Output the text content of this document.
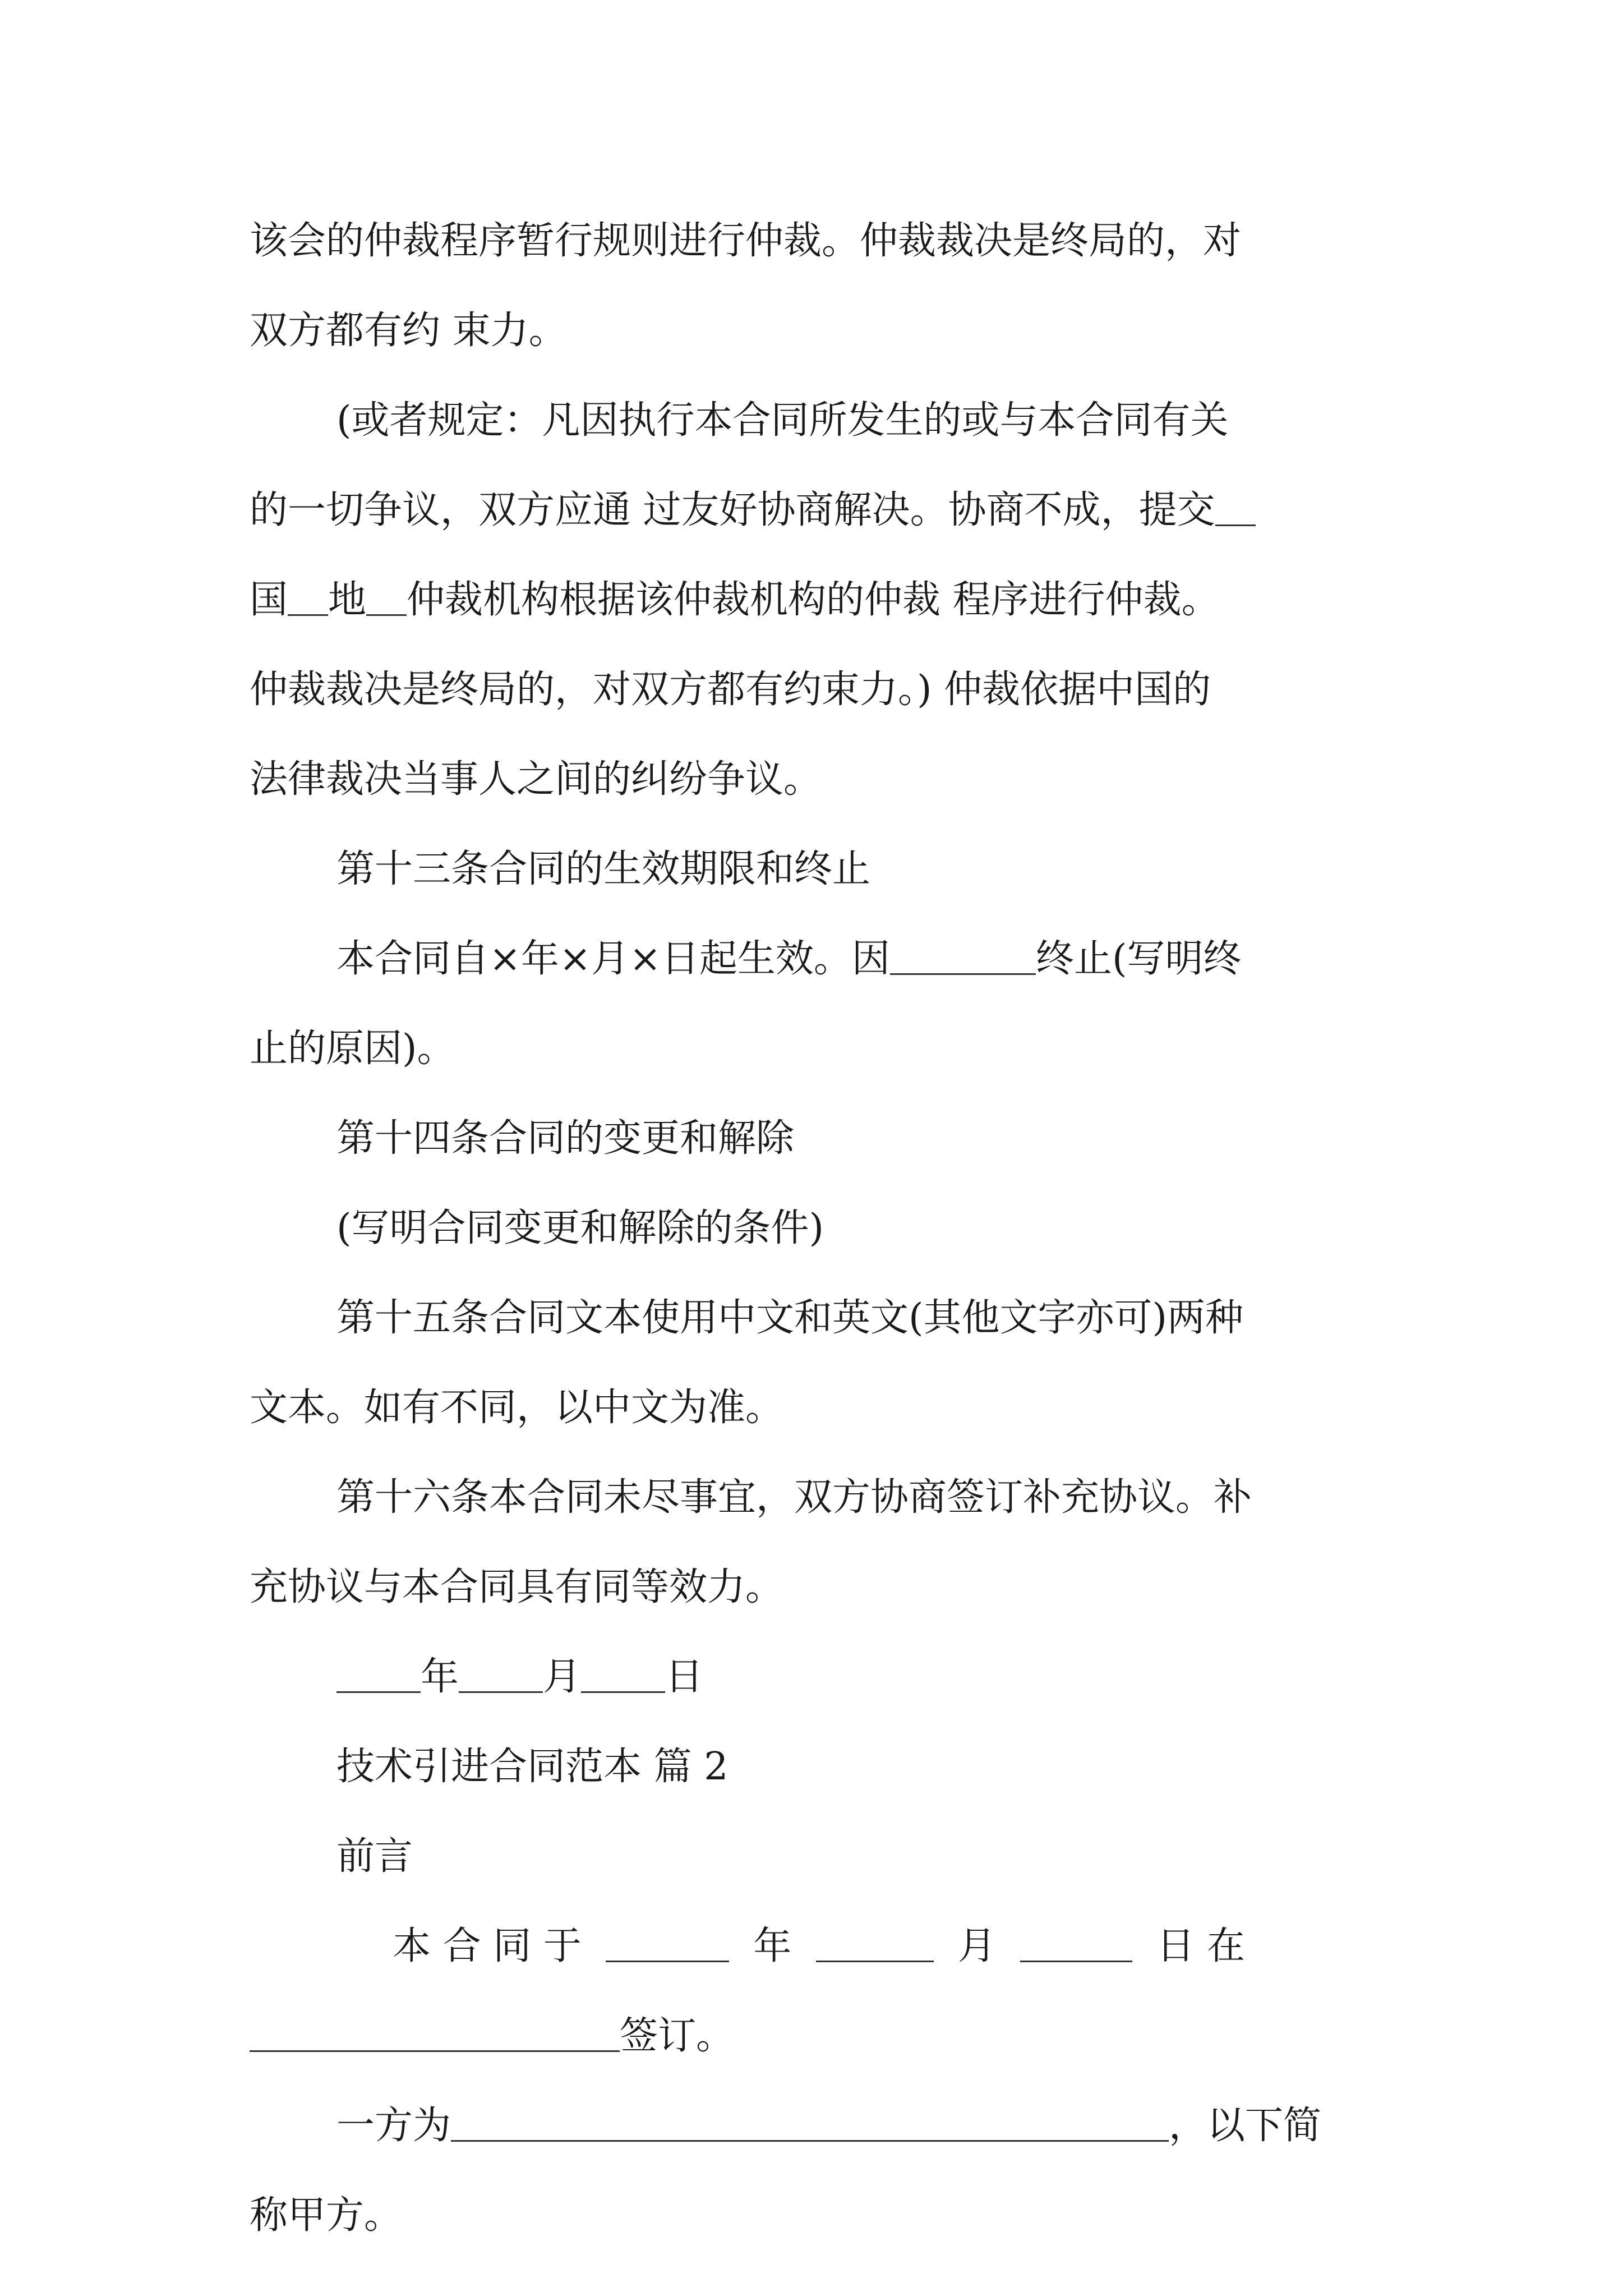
该会的仲裁程序暂行规则进行仲裁。仲裁裁决是终局的，对

双方都有约 束力。

(或者规定：凡因执行本合同所发生的或与本合同有关

的一切争议，双方应通 过友好协商解决。协商不成，提交

国 地 仲裁机构根据该仲裁机构的仲裁 程序进行仲裁。

仲裁裁决是终局的，对双方都有约束力。) 仲裁依据中国的

法律裁决当事人之间的纠纷争议。

第十三条合同的生效期限和终止

本合同自×年×月×日起生效。因	终止(写明终

止的原因)。

第十四条合同的变更和解除

(写明合同变更和解除的条件)

第十五条合同文本使用中文和英文(其他文字亦可)两种

文本。如有不同，以中文为准。

第十六条本合同未尽事宜，双方协商签订补充协议。补

充协议与本合同具有同等效力。

年 月 日

技术引进合同范本 篇 2

前言

本 合 同 于	年	月	日 在

签订。

一方为	，以下简

称甲方。
